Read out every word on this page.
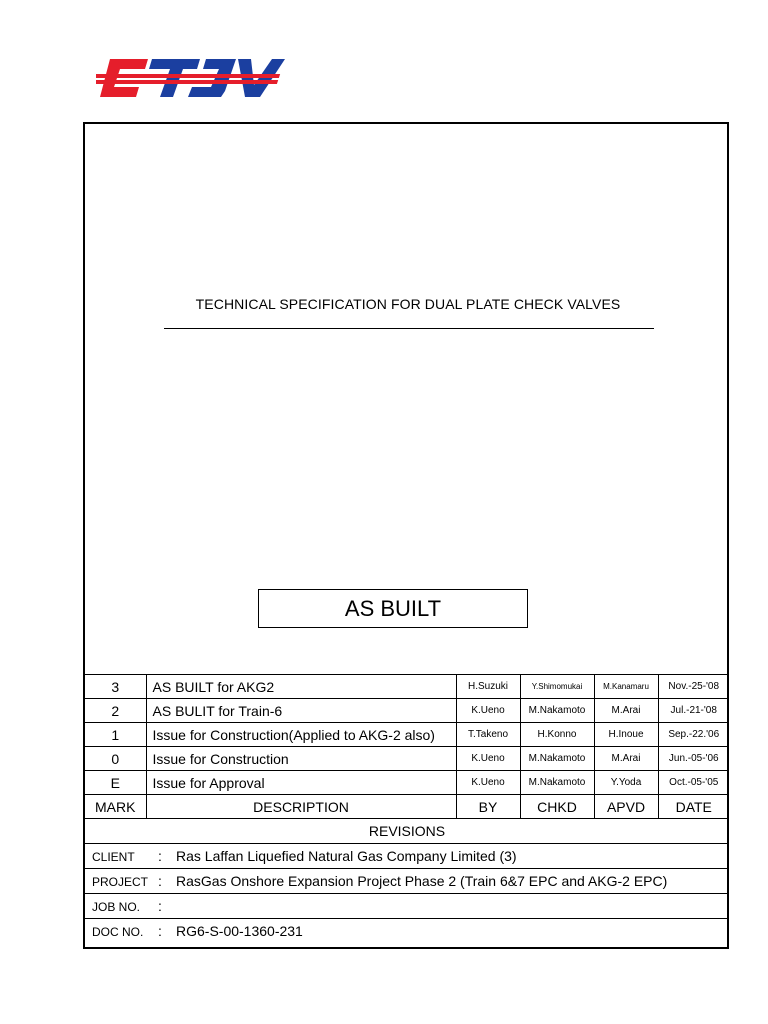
TECHNICAL SPECIFICATION FOR DUAL PLATE CHECK VALVES
AS BUILT
3	AS BUILT for AKG2	H.Suzuki	Y.Shimomukai	M.Kanamaru	Nov.-25-'08
2	AS BULIT for Train-6	K.Ueno	M.Nakamoto	M.Arai	Jul.-21-'08
1	Issue for Construction(Applied to AKG-2 also)	T.Takeno	H.Konno	H.Inoue	Sep.-22.'06
0	Issue for Construction	K.Ueno	M.Nakamoto	M.Arai	Jun.-05-'06
E	Issue for Approval	K.Ueno	M.Nakamoto	Y.Yoda	Oct.-05-'05
MARK	DESCRIPTION	BY	CHKD	APVD	DATE
REVISIONS					
CLIENT : Ras Laffan Liquefied Natural Gas Company Limited (3)					
PROJECT : RasGas Onshore Expansion Project Phase 2 (Train 6&7 EPC and AKG-2 EPC)					
JOB NO. :					
DOC NO. : RG6-S-00-1360-231					
